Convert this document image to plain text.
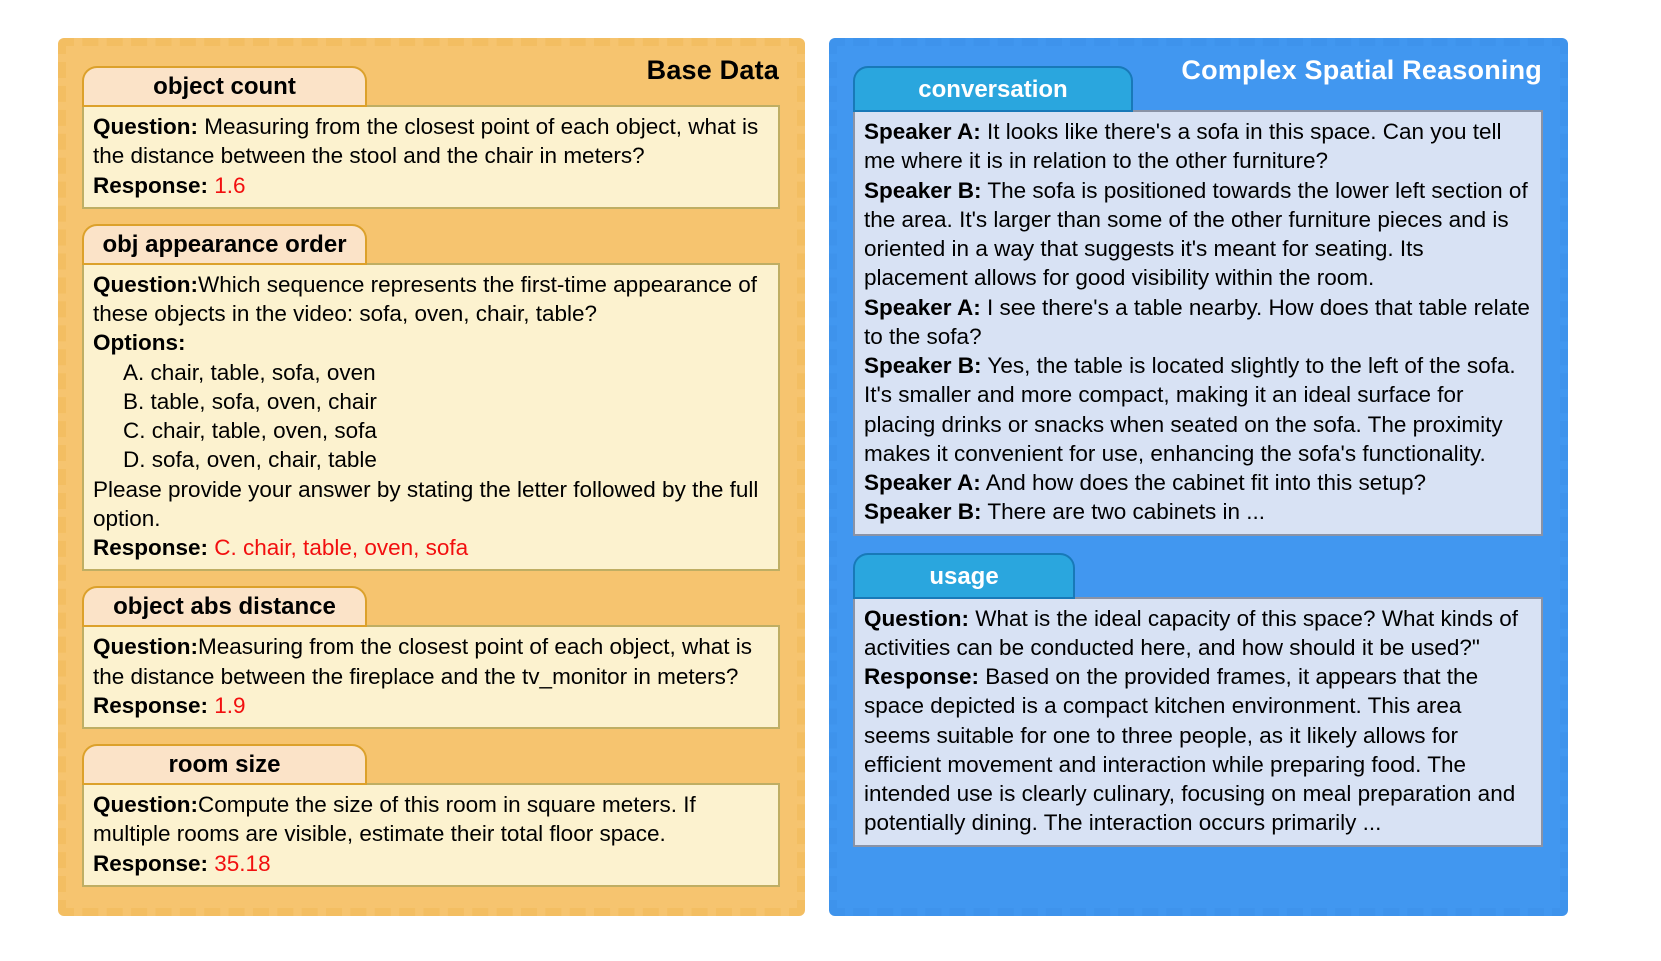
Base Data
object count
Question: Measuring from the closest point of each object, what is the distance between the stool and the chair in meters?
Response: 1.6
obj appearance order
Question:Which sequence represents the first-time appearance of these objects in the video: sofa, oven, chair, table?
Options:
A. chair, table, sofa, oven
B. table, sofa, oven, chair
C. chair, table, oven, sofa
D. sofa, oven, chair, table
Please provide your answer by stating the letter followed by the full option.
Response: C. chair, table, oven, sofa
object abs distance
Question:Measuring from the closest point of each object, what is the distance between the fireplace and the tv_monitor in meters?
Response: 1.9
room size
Question:Compute the size of this room in square meters. If multiple rooms are visible, estimate their total floor space.
Response: 35.18
Complex Spatial Reasoning
conversation
Speaker A: It looks like there's a sofa in this space. Can you tell me where it is in relation to the other furniture?
Speaker B: The sofa is positioned towards the lower left section of the area. It's larger than some of the other furniture pieces and is oriented in a way that suggests it's meant for seating. Its placement allows for good visibility within the room.
Speaker A: I see there's a table nearby. How does that table relate to the sofa?
Speaker B: Yes, the table is located slightly to the left of the sofa. It's smaller and more compact, making it an ideal surface for placing drinks or snacks when seated on the sofa. The proximity makes it convenient for use, enhancing the sofa's functionality.
Speaker A: And how does the cabinet fit into this setup?
Speaker B: There are two cabinets in ...
usage
Question: What is the ideal capacity of this space? What kinds of activities can be conducted here, and how should it be used?"
Response: Based on the provided frames, it appears that the space depicted is a compact kitchen environment. This area seems suitable for one to three people, as it likely allows for efficient movement and interaction while preparing food. The intended use is clearly culinary, focusing on meal preparation and potentially dining. The interaction occurs primarily ...
